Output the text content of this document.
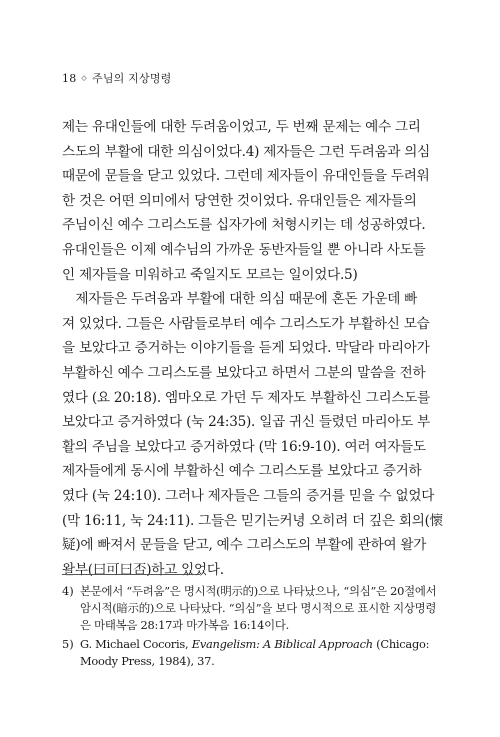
18 ◇ 주님의 지상명령
제는 유대인들에 대한 두려움이었고, 두 번째 문제는 예수 그리
스도의 부활에 대한 의심이었다.4) 제자들은 그런 두려움과 의심
때문에 문들을 닫고 있었다. 그런데 제자들이 유대인들을 두려워
한 것은 어떤 의미에서 당연한 것이었다. 유대인들은 제자들의
주님이신 예수 그리스도를 십자가에 처형시키는 데 성공하였다.
유대인들은 이제 예수님의 가까운 동반자들일 뿐 아니라 사도들
인 제자들을 미워하고 죽일지도 모르는 일이었다.5)
　제자들은 두려움과 부활에 대한 의심 때문에 혼돈 가운데 빠
져 있었다. 그들은 사람들로부터 예수 그리스도가 부활하신 모습
을 보았다고 증거하는 이야기들을 듣게 되었다. 막달라 마리아가
부활하신 예수 그리스도를 보았다고 하면서 그분의 말씀을 전하
였다 (요 20:18). 엠마오로 가던 두 제자도 부활하신 그리스도를
보았다고 증거하였다 (눅 24:35). 일곱 귀신 들렸던 마리아도 부
활의 주님을 보았다고 증거하였다 (막 16:9-10). 여러 여자들도
제자들에게 동시에 부활하신 예수 그리스도를 보았다고 증거하
였다 (눅 24:10). 그러나 제자들은 그들의 증거를 믿을 수 없었다
(막 16:11, 눅 24:11). 그들은 믿기는커녕 오히려 더 깊은 회의(懷
疑)에 빠져서 문들을 닫고, 예수 그리스도의 부활에 관하여 왈가
왈부(曰可曰否)하고 있었다.
4) 본문에서 “두려움”은 명시적(明示的)으로 나타났으나, “의심”은 20절에서
암시적(暗示的)으로 나타났다. “의심”을 보다 명시적으로 표시한 지상명령
은 마태복음 28:17과 마가복음 16:14이다.
5) G. Michael Cocoris, Evangelism: A Biblical Approach (Chicago:
Moody Press, 1984), 37.
